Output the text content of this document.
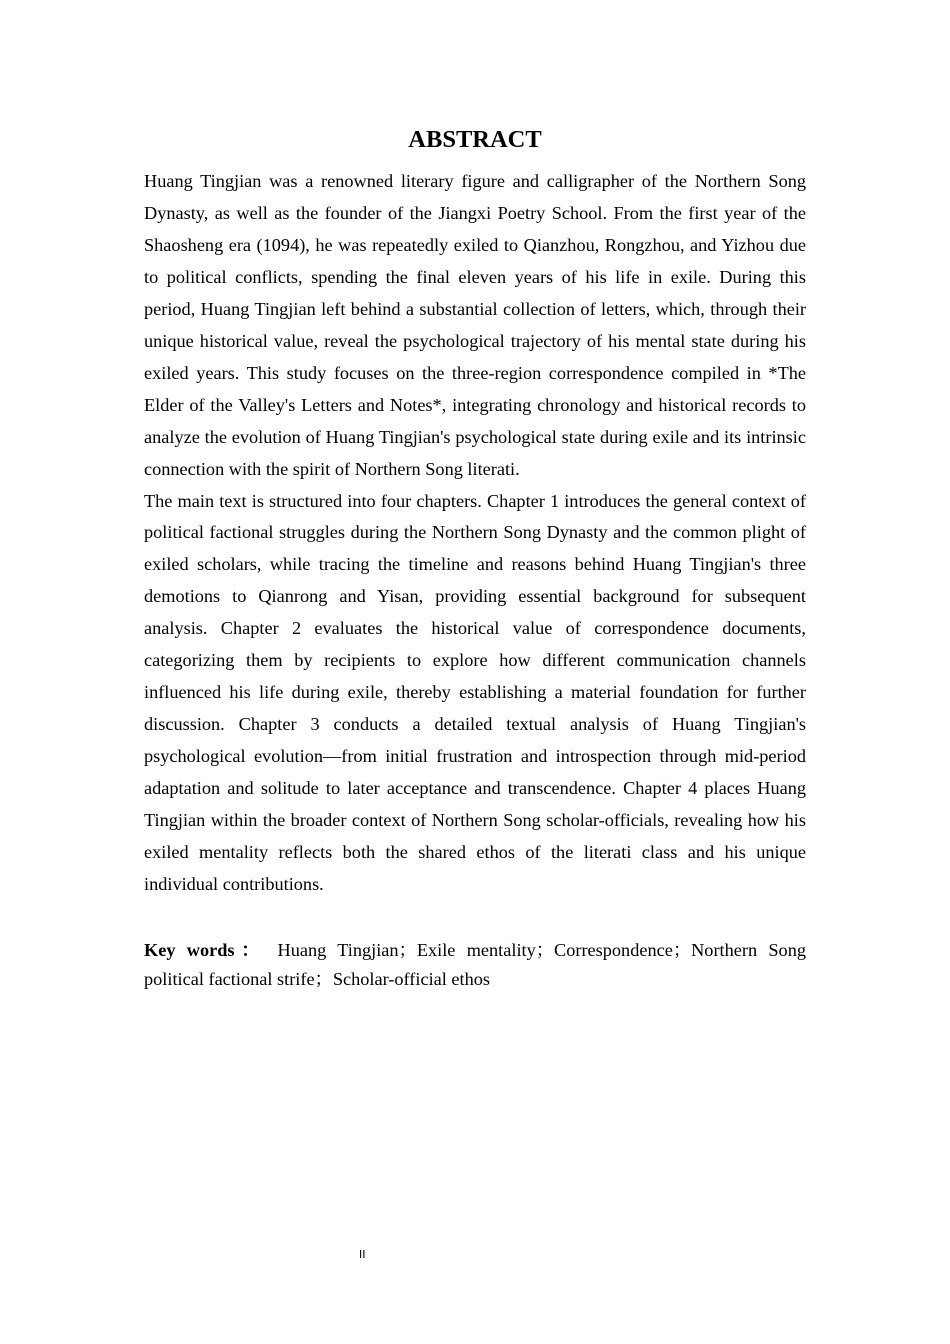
ABSTRACT

Huang Tingjian was a renowned literary figure and calligrapher of the Northern Song Dynasty, as well as the founder of the Jiangxi Poetry School. From the first year of the Shaosheng era (1094), he was repeatedly exiled to Qianzhou, Rongzhou, and Yizhou due to political conflicts, spending the final eleven years of his life in exile. During this period, Huang Tingjian left behind a substantial collection of letters, which, through their unique historical value, reveal the psychological trajectory of his mental state during his exiled years. This study focuses on the three-region correspondence compiled in *The Elder of the Valley's Letters and Notes*, integrating chronology and historical records to analyze the evolution of Huang Tingjian's psychological state during exile and its intrinsic connection with the spirit of Northern Song literati.

The main text is structured into four chapters. Chapter 1 introduces the general context of political factional struggles during the Northern Song Dynasty and the common plight of exiled scholars, while tracing the timeline and reasons behind Huang Tingjian's three demotions to Qianrong and Yisan, providing essential background for subsequent analysis. Chapter 2 evaluates the historical value of correspondence documents, categorizing them by recipients to explore how different communication channels influenced his life during exile, thereby establishing a material foundation for further discussion. Chapter 3 conducts a detailed textual analysis of Huang Tingjian's psychological evolution—from initial frustration and introspection through mid-period adaptation and solitude to later acceptance and transcendence. Chapter 4 places Huang Tingjian within the broader context of Northern Song scholar-officials, revealing how his exiled mentality reflects both the shared ethos of the literati class and his unique individual contributions.

Key words： Huang Tingjian；Exile mentality；Correspondence；Northern Song political factional strife；Scholar-official ethos

II
